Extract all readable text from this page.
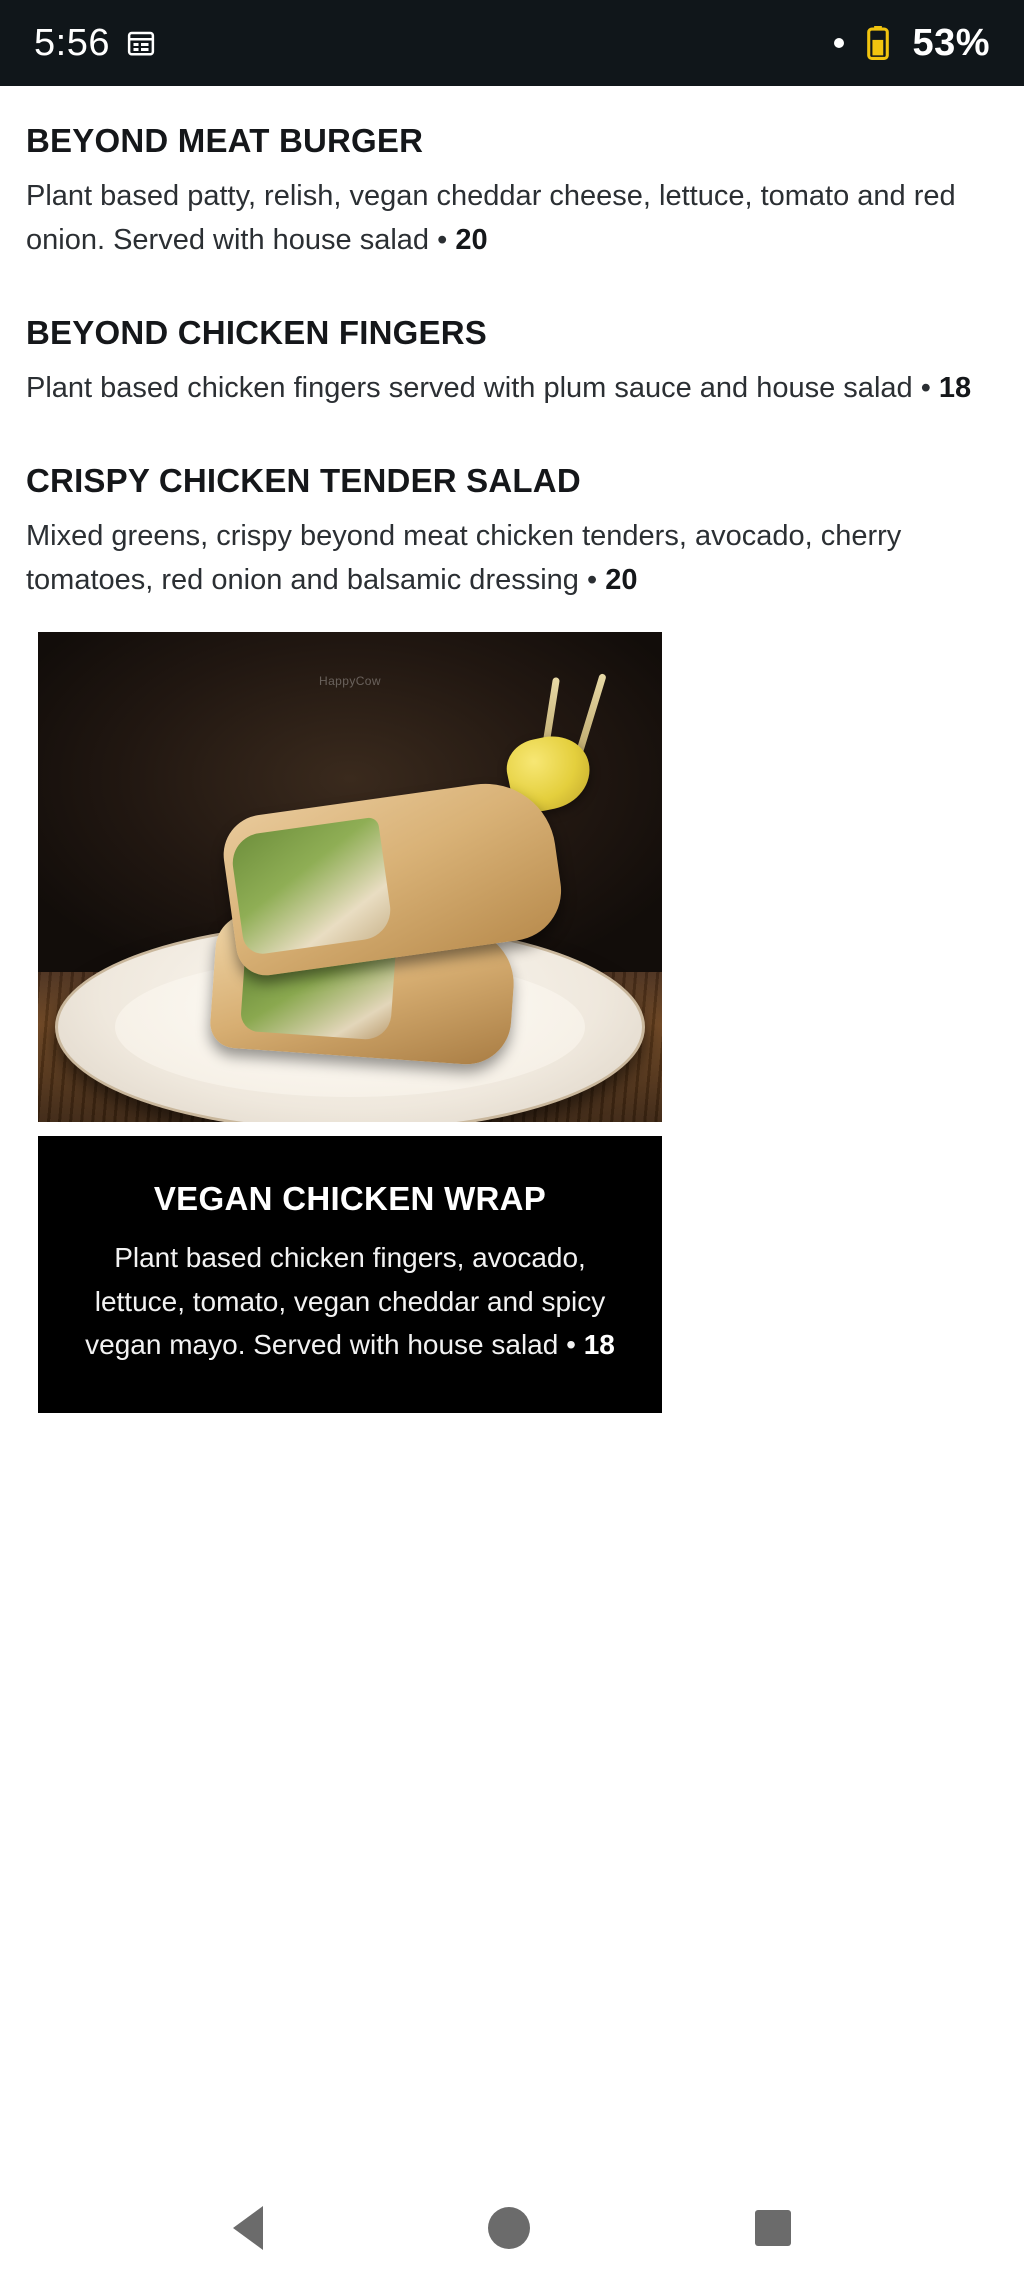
5:56	53%
BEYOND MEAT BURGER
Plant based patty, relish, vegan cheddar cheese, lettuce, tomato and red onion. Served with house salad • 20
BEYOND CHICKEN FINGERS
Plant based chicken fingers served with plum sauce and house salad • 18
CRISPY CHICKEN TENDER SALAD
Mixed greens, crispy beyond meat chicken tenders, avocado, cherry tomatoes, red onion and balsamic dressing • 20
HappyCow
VEGAN CHICKEN WRAP
Plant based chicken fingers, avocado, lettuce, tomato, vegan cheddar and spicy vegan mayo. Served with house salad • 18
